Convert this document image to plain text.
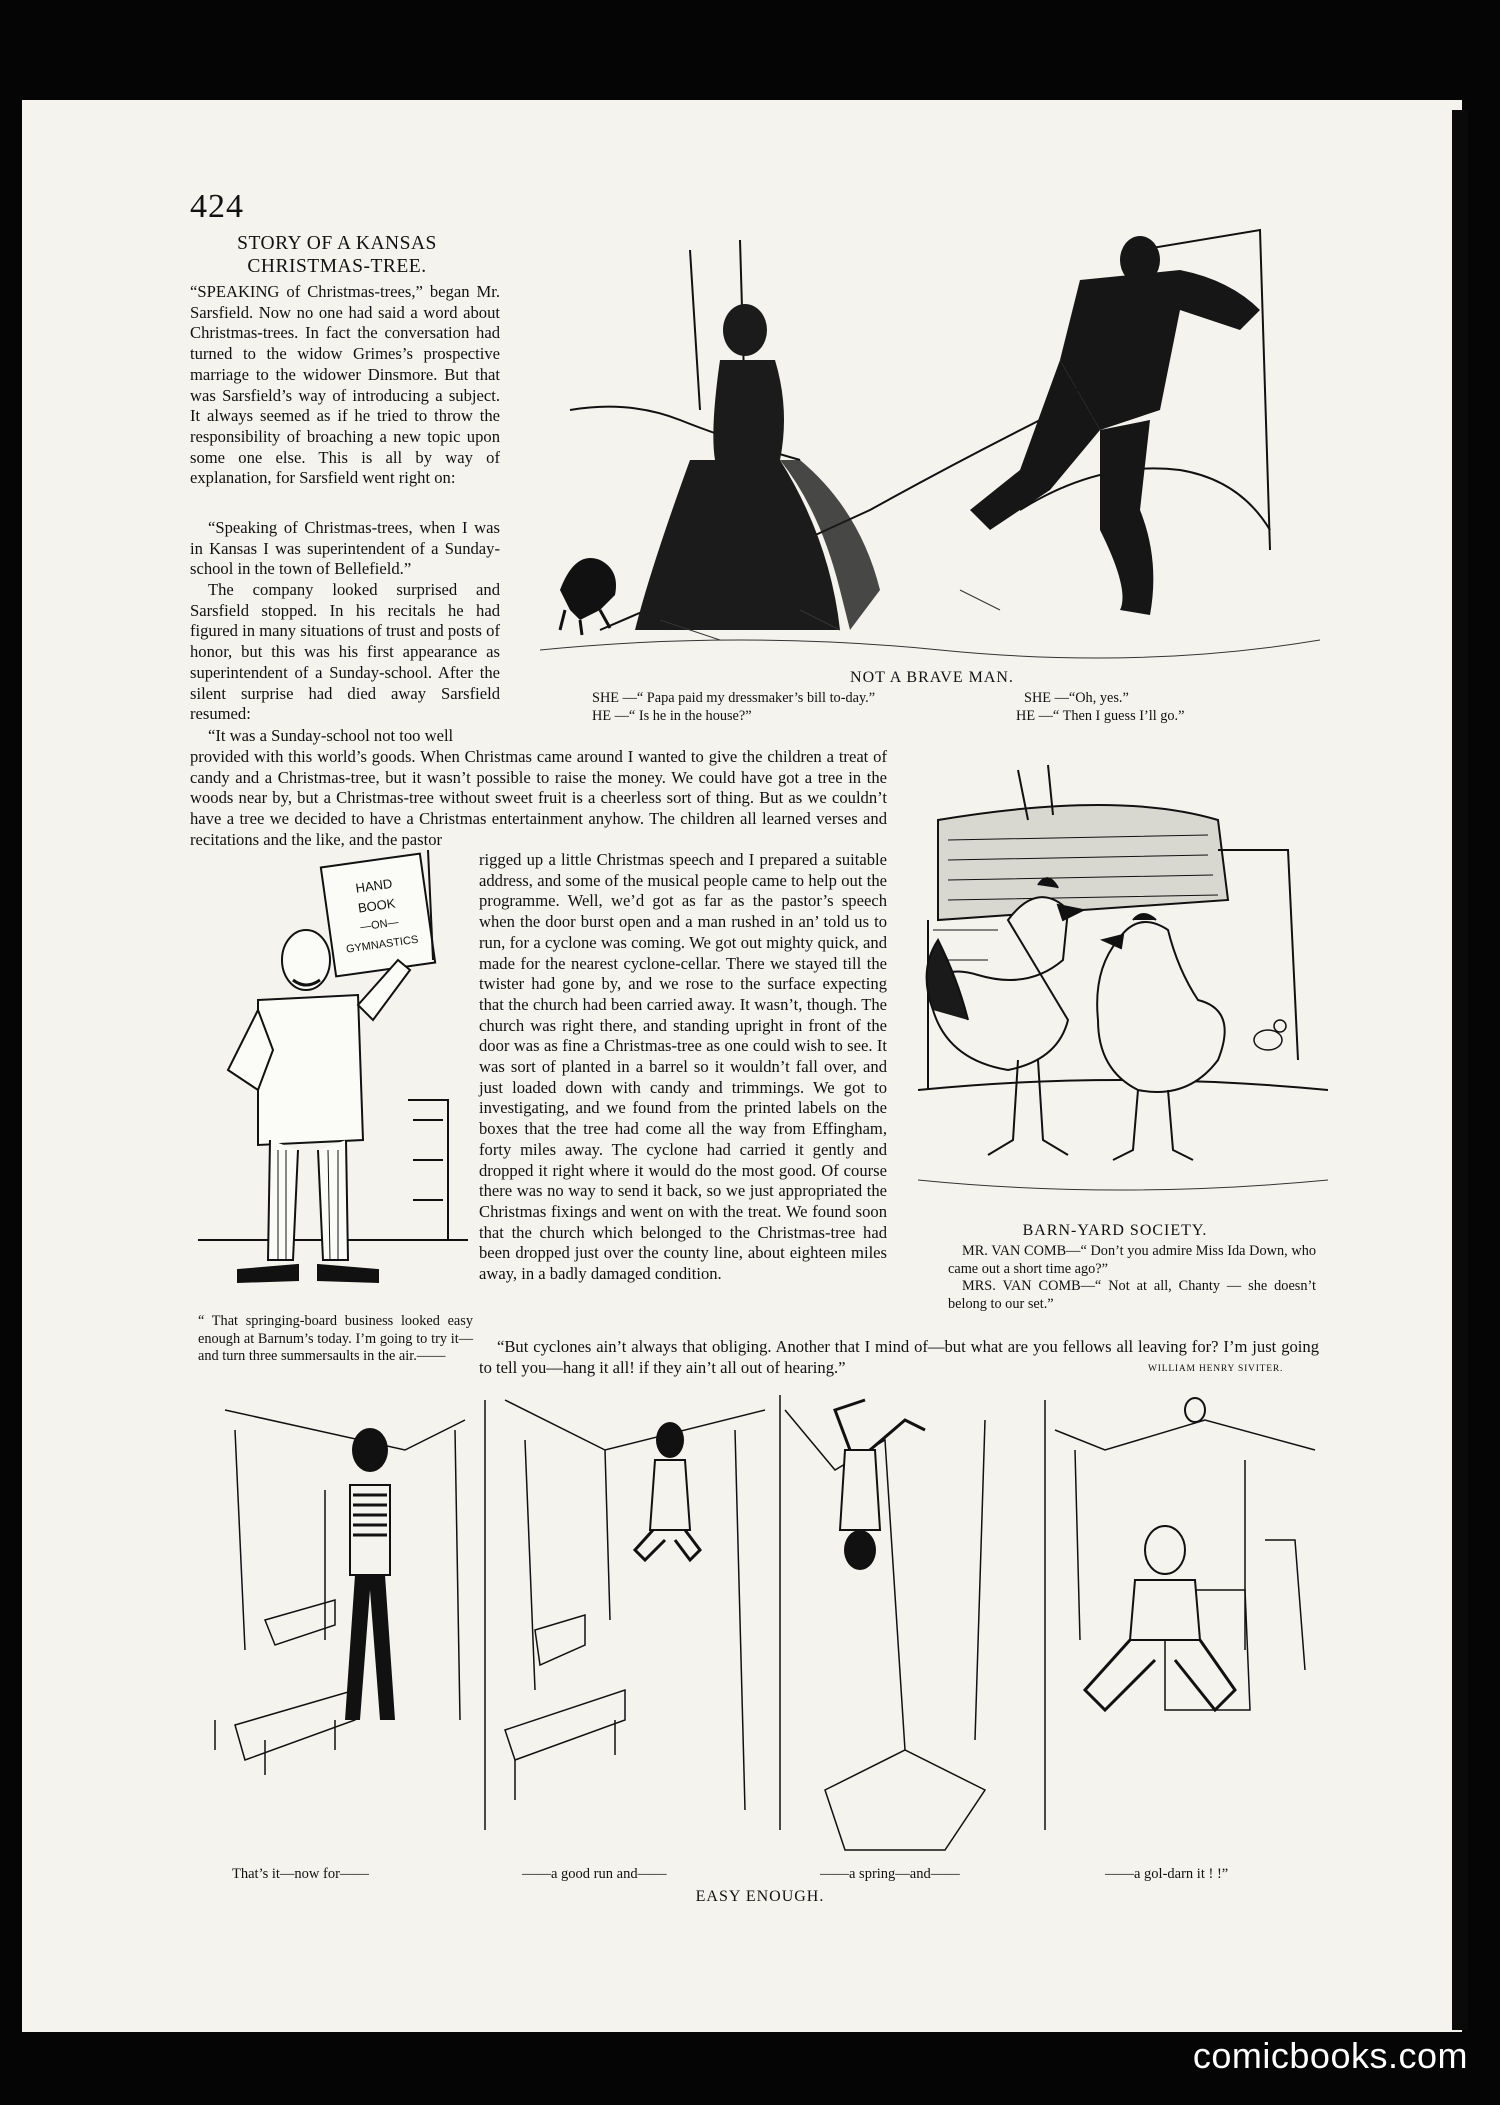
424
STORY OF A KANSAS
CHRISTMAS-TREE.

“SPEAKING of Christmas-trees,” began Mr. Sarsfield. Now no one had said a word about Christmas-trees. In fact the conversation had turned to the widow Grimes’s prospective marriage to the widower Dinsmore. But that was Sarsfield’s way of introducing a subject. It always seemed as if he tried to throw the responsibility of broaching a new topic upon some one else. This is all by way of explanation, for Sarsfield went right on:

“Speaking of Christmas-trees, when I was in Kansas I was superintendent of a Sunday-school in the town of Bellefield.”

The company looked surprised and Sarsfield stopped. In his recitals he had figured in many situations of trust and posts of honor, but this was his first appearance as superintendent of a Sunday-school. After the silent surprise had died away Sarsfield resumed:

“It was a Sunday-school not too well

NOT A BRAVE MAN.
SHE —“ Papa paid my dressmaker’s bill to-day.”
HE —“ Is he in the house?”
SHE —“Oh, yes.”
HE —“ Then I guess I’ll go.”

provided with this world’s goods. When Christmas came around I wanted to give the children a treat of candy and a Christmas-tree, but it wasn’t possible to raise the money. We could have got a tree in the woods near by, but a Christmas-tree without sweet fruit is a cheerless sort of thing. But as we couldn’t have a tree we decided to have a Christmas entertainment anyhow. The children all learned verses and recitations and the like, and the pastor

HAND
BOOK
—ON—
GYMNASTICS
“ That springing-board business looked easy enough at Barnum’s today. I’m going to try it—and turn three summersaults in the air.——

rigged up a little Christmas speech and I prepared a suitable address, and some of the musical people came to help out the programme. Well, we’d got as far as the pastor’s speech when the door burst open and a man rushed in an’ told us to run, for a cyclone was coming. We got out mighty quick, and made for the nearest cyclone-cellar. There we stayed till the twister had gone by, and we rose to the surface expecting that the church had been carried away. It wasn’t, though. The church was right there, and standing upright in front of the door was as fine a Christmas-tree as one could wish to see. It was sort of planted in a barrel so it wouldn’t fall over, and just loaded down with candy and trimmings. We got to investigating, and we found from the printed labels on the boxes that the tree had come all the way from Effingham, forty miles away. The cyclone had carried it gently and dropped it right where it would do the most good. Of course there was no way to send it back, so we just appropriated the Christmas fixings and went on with the treat. We found soon that the church which belonged to the Christmas-tree had been dropped just over the county line, about eighteen miles away, in a badly damaged condition.

BARN-YARD SOCIETY.
MR. VAN COMB—“ Don’t you admire Miss Ida Down, who came out a short time ago?”
MRS. VAN COMB—“ Not at all, Chanty — she doesn’t belong to our set.”

“But cyclones ain’t always that obliging. Another that I mind of—but what are you fellows all leaving for? I’m just going to tell you—hang it all! if they ain’t all out of hearing.”	WILLIAM HENRY SIVITER.
That’s it—now for——	——a good run and——	——a spring—and——	——a gol-darn it ! !”
EASY ENOUGH.
comicbooks.com
